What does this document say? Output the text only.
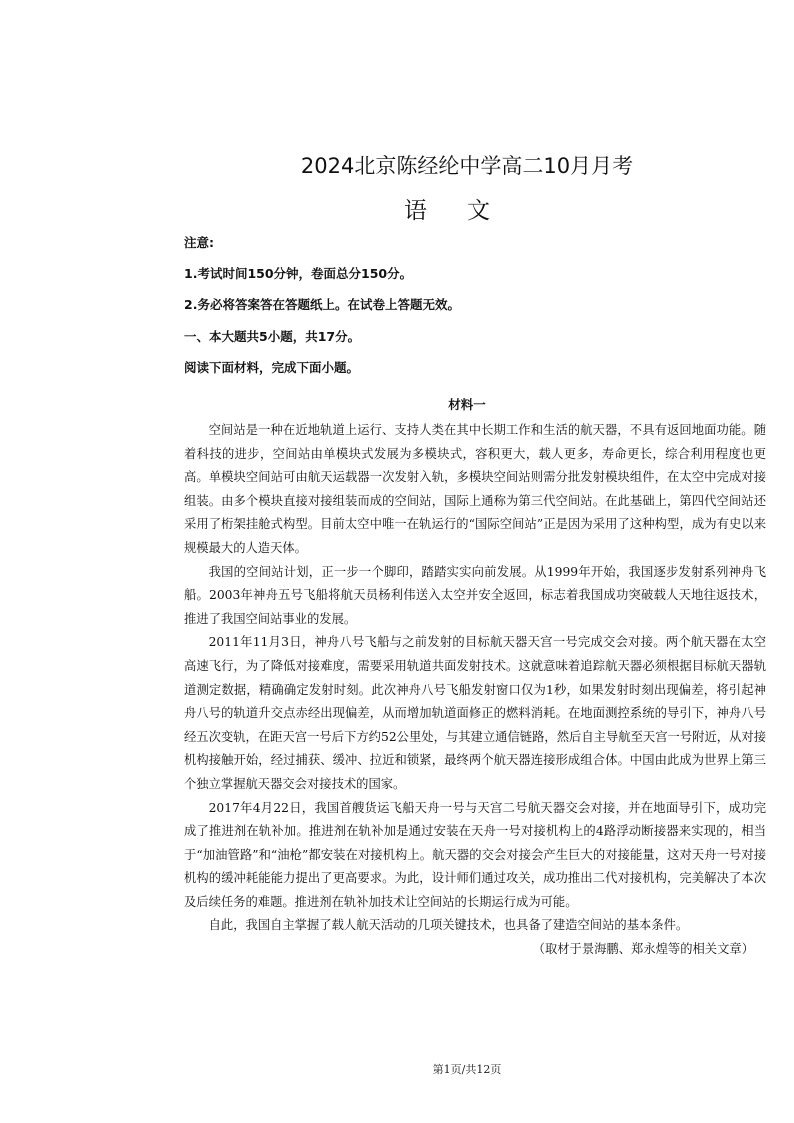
2024北京陈经纶中学高二10月月考
语文

注意:

1.考试时间150分钟，卷面总分150分。

2.务必将答案答在答题纸上。在试卷上答题无效。

一、本大题共5小题，共17分。

阅读下面材料，完成下面小题。

材料一

空间站是一种在近地轨道上运行、支持人类在其中长期工作和生活的航天器，不具有返回地面功能。随着科技的进步，空间站由单模块式发展为多模块式，容积更大，载人更多，寿命更长，综合利用程度也更高。单模块空间站可由航天运载器一次发射入轨，多模块空间站则需分批发射模块组件，在太空中完成对接组装。由多个模块直接对接组装而成的空间站，国际上通称为第三代空间站。在此基础上，第四代空间站还采用了桁架挂舱式构型。目前太空中唯一在轨运行的“国际空间站”正是因为采用了这种构型，成为有史以来规模最大的人造天体。

我国的空间站计划，正一步一个脚印，踏踏实实向前发展。从1999年开始，我国逐步发射系列神舟飞船。2003年神舟五号飞船将航天员杨利伟送入太空并安全返回，标志着我国成功突破载人天地往返技术，推进了我国空间站事业的发展。

2011年11月3日，神舟八号飞船与之前发射的目标航天器天宫一号完成交会对接。两个航天器在太空高速飞行，为了降低对接难度，需要采用轨道共面发射技术。这就意味着追踪航天器必须根据目标航天器轨道测定数据，精确确定发射时刻。此次神舟八号飞船发射窗口仅为1秒，如果发射时刻出现偏差，将引起神舟八号的轨道升交点赤经出现偏差，从而增加轨道面修正的燃料消耗。在地面测控系统的导引下，神舟八号经五次变轨，在距天宫一号后下方约52公里处，与其建立通信链路，然后自主导航至天宫一号附近，从对接机构接触开始，经过捕获、缓冲、拉近和锁紧，最终两个航天器连接形成组合体。中国由此成为世界上第三个独立掌握航天器交会对接技术的国家。

2017年4月22日，我国首艘货运飞船天舟一号与天宫二号航天器交会对接，并在地面导引下，成功完成了推进剂在轨补加。推进剂在轨补加是通过安装在天舟一号对接机构上的4路浮动断接器来实现的，相当于“加油管路”和“油枪”都安装在对接机构上。航天器的交会对接会产生巨大的对接能量，这对天舟一号对接机构的缓冲耗能能力提出了更高要求。为此，设计师们通过攻关，成功推出二代对接机构，完美解决了本次及后续任务的难题。推进剂在轨补加技术让空间站的长期运行成为可能。

自此，我国自主掌握了载人航天活动的几项关键技术，也具备了建造空间站的基本条件。

（取材于景海鹏、郑永煌等的相关文章）

第1页/共12页
